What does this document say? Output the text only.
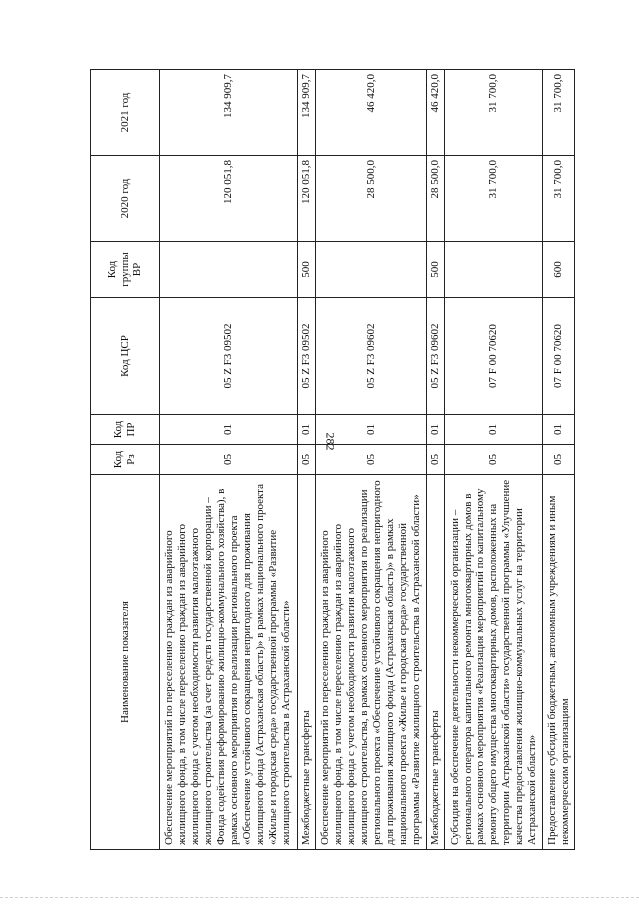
282
Наименование показателя	Код Рз	Код ПР	Код ЦСР	Код группы ВР	2020 год	2021 год
Обеспечение мероприятий по переселению граждан из аварийного жилищного фонда, в том числе переселению граждан из аварийного жилищного фонда с учетом необходимости развития малоэтажного жилищного строительства (за счет средств государственной корпорации – Фонда содействия реформированию жилищно-коммунального хозяйства), в рамках основного мероприятия по реализации регионального проекта «Обеспечение устойчивого сокращения непригодного для проживания жилищного фонда (Астраханская область)» в рамках национального проекта «Жилье и городская среда» государственной программы «Развитие жилищного строительства в Астраханской области»	05	01	05 Z F3 09502		120 051,8	134 909,7
Межбюджетные трансферты	05	01	05 Z F3 09502	500	120 051,8	134 909,7
Обеспечение мероприятий по переселению граждан из аварийного жилищного фонда, в том числе переселению граждан из аварийного жилищного фонда с учетом необходимости развития малоэтажного жилищного строительства, в рамках основного мероприятия по реализации регионального проекта «Обеспечение устойчивого сокращения непригодного для проживания жилищного фонда (Астраханская область)» в рамках национального проекта «Жилье и городская среда» государственной программы «Развитие жилищного строительства в Астраханской области»	05	01	05 Z F3 09602		28 500,0	46 420,0
Межбюджетные трансферты	05	01	05 Z F3 09602	500	28 500,0	46 420,0
Субсидия на обеспечение деятельности некоммерческой организации – регионального оператора капитального ремонта многоквартирных домов в рамках основного мероприятия «Реализация мероприятий по капитальному ремонту общего имущества многоквартирных домов, расположенных на территории Астраханской области» государственной программы «Улучшение качества предоставления жилищно-коммунальных услуг на территории Астраханской области»	05	01	07 F 00 70620		31 700,0	31 700,0
Предоставление субсидий бюджетным, автономным учреждениям и иным некоммерческим организациям	05	01	07 F 00 70620	600	31 700,0	31 700,0
